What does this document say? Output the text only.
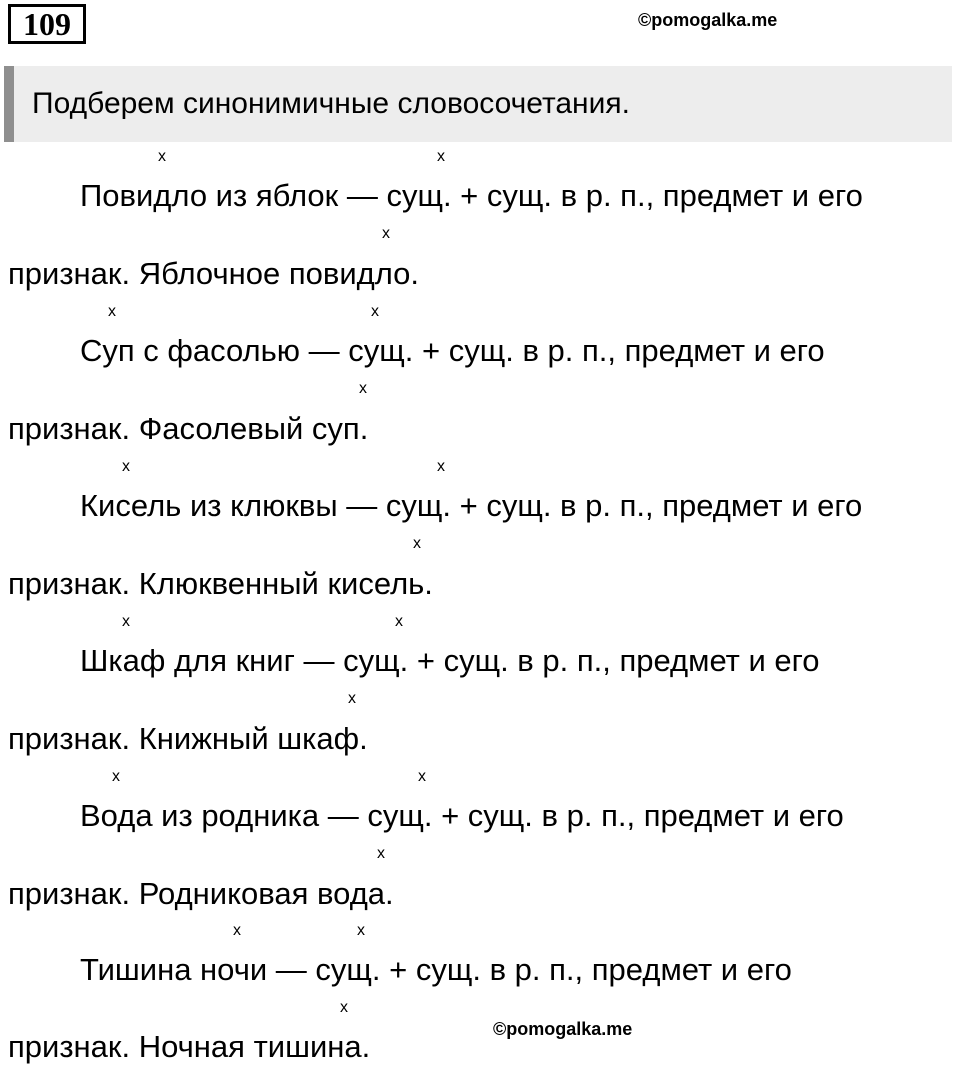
109	©pomogalka.me
Подберем синонимичные словосочетания.
x	x
Повидло из яблок — сущ. + сущ. в р. п., предмет и его
x
признак. Яблочное повидло.
x	x
Суп с фасолью — сущ. + сущ. в р. п., предмет и его
x
признак. Фасолевый суп.
x	x
Кисель из клюквы — сущ. + сущ. в р. п., предмет и его
x
признак. Клюквенный кисель.
x	x
Шкаф для книг — сущ. + сущ. в р. п., предмет и его
x
признак. Книжный шкаф.
x	x
Вода из родника — сущ. + сущ. в р. п., предмет и его
x
признак. Родниковая вода.
x	x
Тишина ночи — сущ. + сущ. в р. п., предмет и его
x
признак. Ночная тишина.	©pomogalka.me
